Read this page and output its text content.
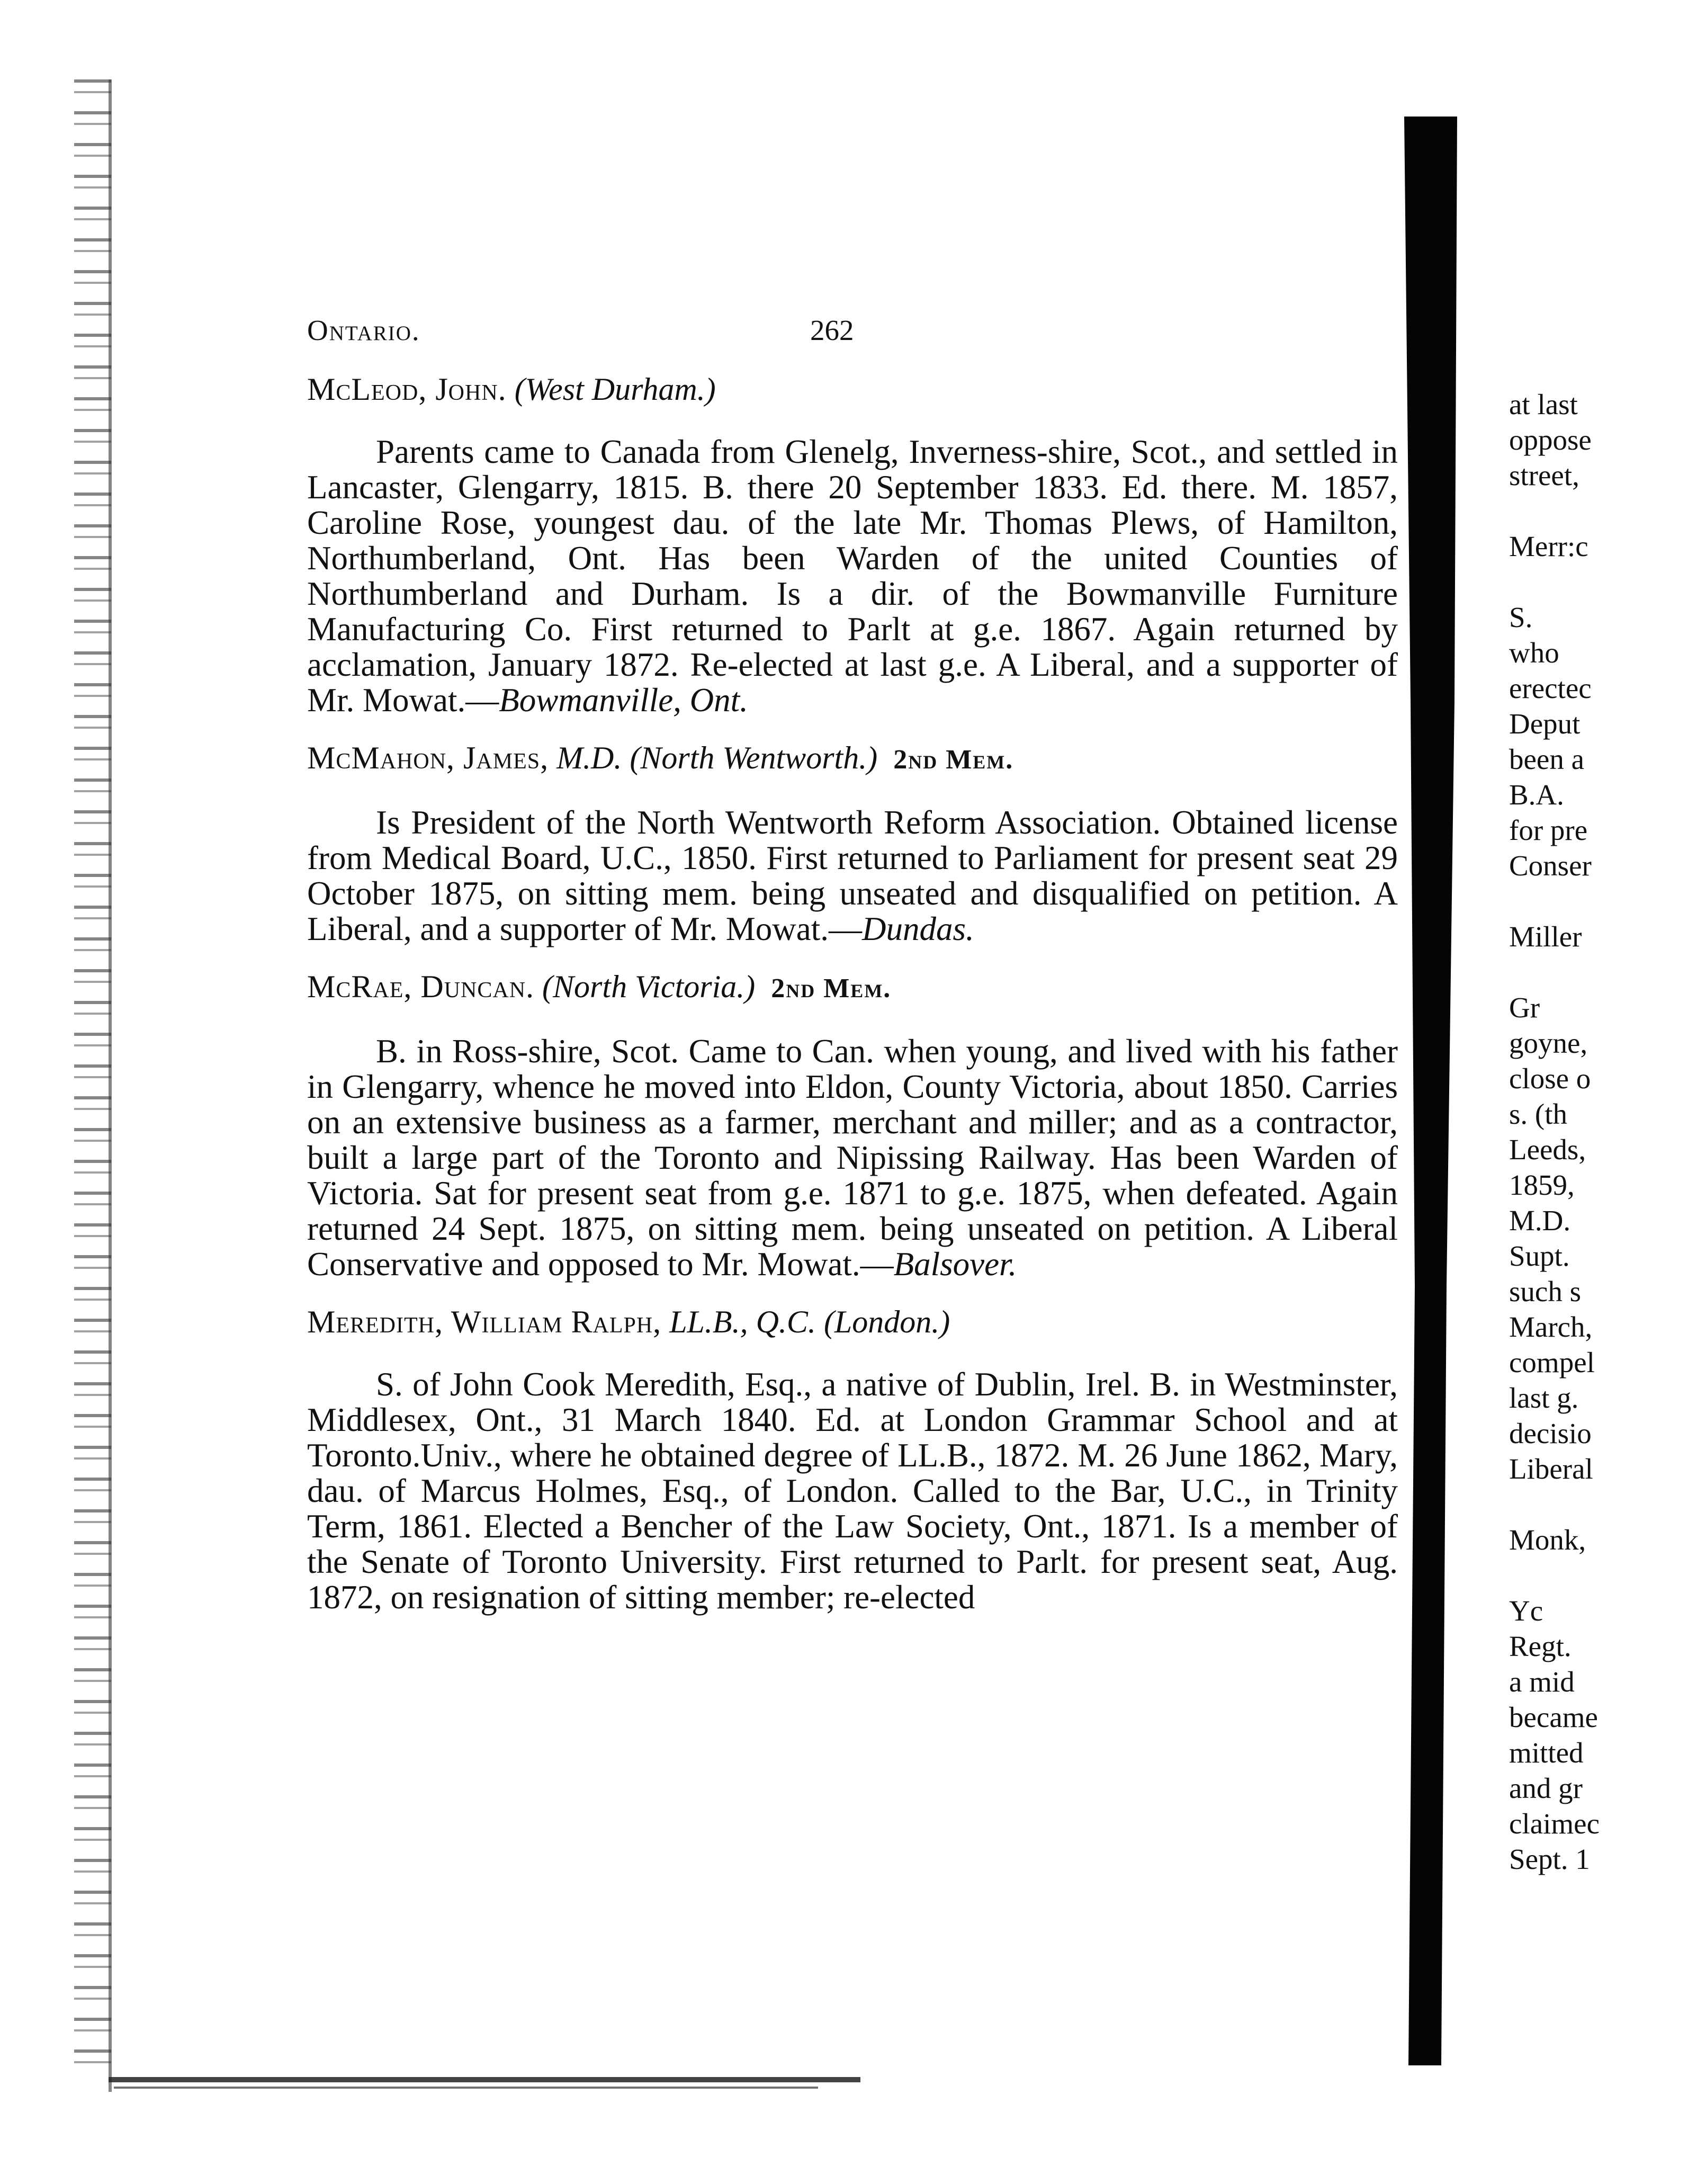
Ontario.	262

McLeod, John. (West Durham.)

Parents came to Canada from Glenelg, Inverness-shire, Scot., and settled in Lancaster, Glengarry, 1815. B. there 20 September 1833. Ed. there. M. 1857, Caroline Rose, youngest dau. of the late Mr. Thomas Plews, of Hamilton, Northumberland, Ont. Has been Warden of the united Counties of Northumberland and Durham. Is a dir. of the Bowmanville Furniture Manufacturing Co. First returned to Parlt at g.e. 1867. Again returned by acclamation, January 1872. Re-elected at last g.e. A Liberal, and a supporter of Mr. Mowat.—Bowmanville, Ont.

McMahon, James, M.D. (North Wentworth.) 2nd Mem.

Is President of the North Wentworth Reform Association. Obtained license from Medical Board, U.C., 1850. First returned to Parliament for present seat 29 October 1875, on sitting mem. being unseated and disqualified on petition. A Liberal, and a supporter of Mr. Mowat.—Dundas.

McRae, Duncan. (North Victoria.) 2nd Mem.

B. in Ross-shire, Scot. Came to Can. when young, and lived with his father in Glengarry, whence he moved into Eldon, County Victoria, about 1850. Carries on an extensive business as a farmer, merchant and miller; and as a contractor, built a large part of the Toronto and Nipissing Railway. Has been Warden of Victoria. Sat for present seat from g.e. 1871 to g.e. 1875, when defeated. Again returned 24 Sept. 1875, on sitting mem. being unseated on petition. A Liberal Conservative and opposed to Mr. Mowat.—Balsover.

Meredith, William Ralph, LL.B., Q.C. (London.)

S. of John Cook Meredith, Esq., a native of Dublin, Irel. B. in Westminster, Middlesex, Ont., 31 March 1840. Ed. at London Grammar School and at Toronto.Univ., where he obtained degree of LL.B., 1872. M. 26 June 1862, Mary, dau. of Marcus Holmes, Esq., of London. Called to the Bar, U.C., in Trinity Term, 1861. Elected a Bencher of the Law Society, Ont., 1871. Is a member of the Senate of Toronto University. First returned to Parlt. for present seat, Aug. 1872, on resignation of sitting member; re-elected

at last
oppose
street,
Merr:c
S.
who
erectec
Deput
been a
B.A.
for pre
Conser
Miller
Gr
goyne,
close o
s. (th
Leeds,
1859,
M.D.
Supt.
such s
March,
compel
last g.
decisio
Liberal
Monk,
Yc
Regt.
a mid
became
mitted
and gr
claimec
Sept. 1
